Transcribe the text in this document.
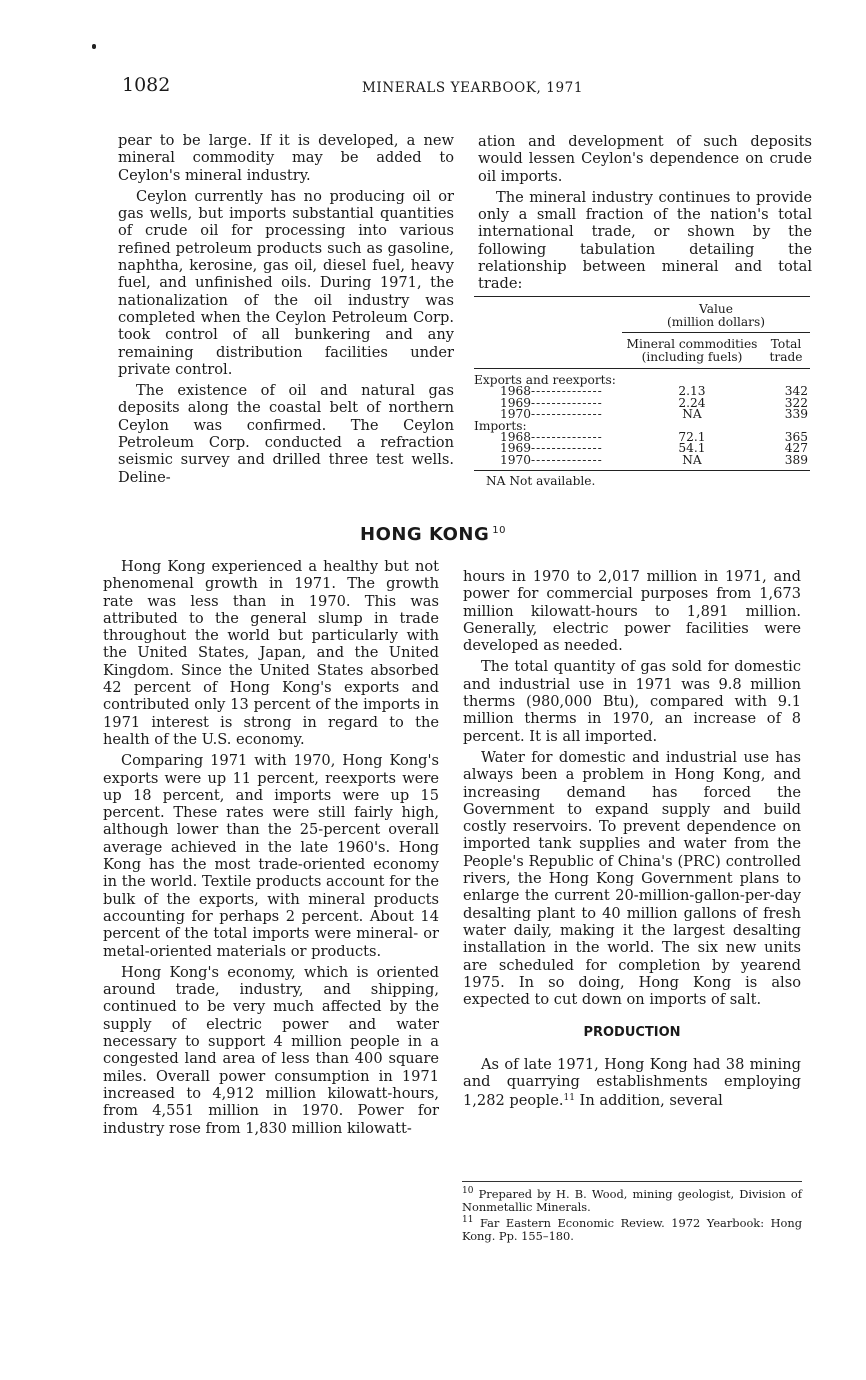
1082	MINERALS YEARBOOK, 1971

pear to be large. If it is developed, a new mineral commodity may be added to Ceylon's mineral industry.

Ceylon currently has no producing oil or gas wells, but imports substantial quantities of crude oil for processing into various refined petroleum products such as gasoline, naphtha, kerosine, gas oil, diesel fuel, heavy fuel, and unfinished oils. During 1971, the nationalization of the oil industry was completed when the Ceylon Petroleum Corp. took control of all bunkering and any remaining distribution facilities under private control.

The existence of oil and natural gas deposits along the coastal belt of northern Ceylon was confirmed. The Ceylon Petroleum Corp. conducted a refraction seismic survey and drilled three test wells. Deline-

ation and development of such deposits would lessen Ceylon's dependence on crude oil imports.

The mineral industry continues to provide only a small fraction of the nation's total international trade, or shown by the following tabulation detailing the relationship between mineral and total trade:

Value
(million dollars)
Mineral commodities
(including fuels)
Total
trade
Exports and reexports:
1968 -----	2.13	342
1969 -----	2.24	322
1970 -----	NA	339
Imports:
1968 -----	72.1	365
1969 -----	54.1	427
1970 -----	NA	389
NA Not available.
HONG KONG $^{10}$

Hong Kong experienced a healthy but not phenomenal growth in 1971. The growth rate was less than in 1970. This was attributed to the general slump in trade throughout the world but particularly with the United States, Japan, and the United Kingdom. Since the United States absorbed 42 percent of Hong Kong's exports and contributed only 13 percent of the imports in 1971 interest is strong in regard to the health of the U.S. economy.

Comparing 1971 with 1970, Hong Kong's exports were up 11 percent, reexports were up 18 percent, and imports were up 15 percent. These rates were still fairly high, although lower than the 25-percent overall average achieved in the late 1960's. Hong Kong has the most trade-oriented economy in the world. Textile products account for the bulk of the exports, with mineral products accounting for perhaps 2 percent. About 14 percent of the total imports were mineral- or metal-oriented materials or products.

Hong Kong's economy, which is oriented around trade, industry, and shipping, continued to be very much affected by the supply of electric power and water necessary to support 4 million people in a congested land area of less than 400 square miles. Overall power consumption in 1971 increased to 4,912 million kilowatt-hours, from 4,551 million in 1970. Power for industry rose from 1,830 million kilowatt-

hours in 1970 to 2,017 million in 1971, and power for commercial purposes from 1,673 million kilowatt-hours to 1,891 million. Generally, electric power facilities were developed as needed.

The total quantity of gas sold for domestic and industrial use in 1971 was 9.8 million therms (980,000 Btu), compared with 9.1 million therms in 1970, an increase of 8 percent. It is all imported.

Water for domestic and industrial use has always been a problem in Hong Kong, and increasing demand has forced the Government to expand supply and build costly reservoirs. To prevent dependence on imported tank supplies and water from the People's Republic of China's (PRC) controlled rivers, the Hong Kong Government plans to enlarge the current 20-million-gallon-per-day desalting plant to 40 million gallons of fresh water daily, making it the largest desalting installation in the world. The six new units are scheduled for completion by yearend 1975. In so doing, Hong Kong is also expected to cut down on imports of salt.

PRODUCTION

As of late 1971, Hong Kong had 38 mining and quarrying establishments employing 1,282 people.$^{11}$ In addition, several

$^{10}$ Prepared by H. B. Wood, mining geologist, Division of Nonmetallic Minerals.
$^{11}$ Far Eastern Economic Review. 1972 Yearbook: Hong Kong. Pp. 155–180.
